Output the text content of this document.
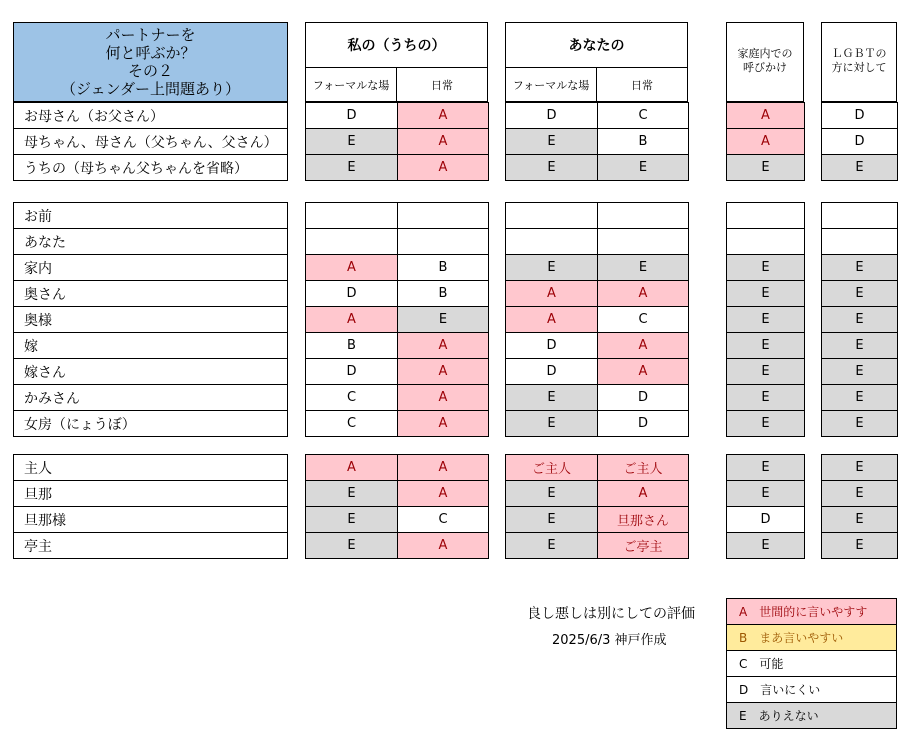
パートナーを
何と呼ぶか？
その２
（ジェンダー上問題あり）
私の（うちの）
フォーマルな場	日常
あなたの
フォーマルな場	日常
家庭内での
呼びかけ
ＬＧＢＴの
方に対して
お母さん（お父さん）	D	A	D	C	A	D
母ちゃん、母さん（父ちゃん、父さん）	E	A	E	B	A	D
うちの（母ちゃん父ちゃんを省略）	E	A	E	E	E	E
お前
あなた
家内	A	B	E	E	E	E
奥さん	D	B	A	A	E	E
奥様	A	E	A	C	E	E
嫁	B	A	D	A	E	E
嫁さん	D	A	D	A	E	E
かみさん	C	A	E	D	E	E
女房（にょうぼ）	C	A	E	D	E	E
主人	A	A	ご主人	ご主人	E	E
旦那	E	A	E	A	E	E
旦那様	E	C	E	旦那さん	D	E
亭主	E	A	E	ご亭主	E	E
良し悪しは別にしての評価
2025/6/3 神戸作成
A　世間的に言いやすす
B　まあ言いやすい
C　可能
D　言いにくい
E　ありえない
